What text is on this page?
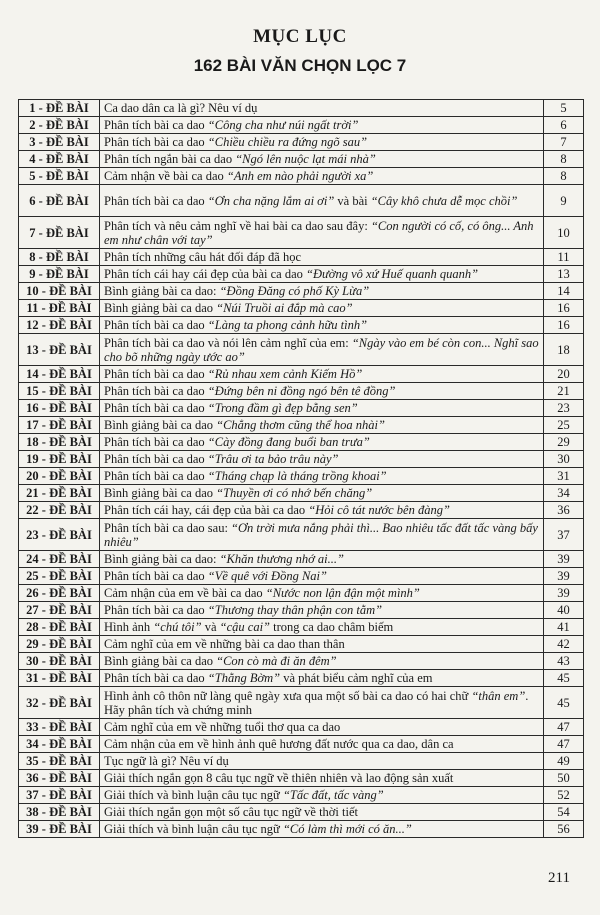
MỤC LỤC
162 BÀI VĂN CHỌN LỌC 7
1 - ĐỀ BÀI	Ca dao dân ca là gì? Nêu ví dụ	5
2 - ĐỀ BÀI	Phân tích bài ca dao “Công cha như núi ngất trời”	6
3 - ĐỀ BÀI	Phân tích bài ca dao “Chiều chiều ra đứng ngõ sau”	7
4 - ĐỀ BÀI	Phân tích ngắn bài ca dao “Ngó lên nuộc lạt mái nhà”	8
5 - ĐỀ BÀI	Cảm nhận về bài ca dao “Anh em nào phải người xa”	8
6 - ĐỀ BÀI	Phân tích bài ca dao “Ơn cha nặng lắm ai ơi” và bài “Cây khô chưa dễ mọc chồi”	9
7 - ĐỀ BÀI	Phân tích và nêu cảm nghĩ về hai bài ca dao sau đây: “Con người có cố, có ông... Anh em như chân với tay”	10
8 - ĐỀ BÀI	Phân tích những câu hát đối đáp đã học	11
9 - ĐỀ BÀI	Phân tích cái hay cái đẹp của bài ca dao “Đường vô xứ Huế quanh quanh”	13
10 - ĐỀ BÀI	Bình giảng bài ca dao: “Đồng Đăng có phố Kỳ Lừa”	14
11 - ĐỀ BÀI	Bình giảng bài ca dao “Núi Truồi ai đắp mà cao”	16
12 - ĐỀ BÀI	Phân tích bài ca dao “Làng ta phong cảnh hữu tình”	16
13 - ĐỀ BÀI	Phân tích bài ca dao và nói lên cảm nghĩ của em: “Ngày vào em bé còn con... Nghĩ sao cho bõ những ngày ước ao”	18
14 - ĐỀ BÀI	Phân tích bài ca dao “Rủ nhau xem cảnh Kiếm Hồ”	20
15 - ĐỀ BÀI	Phân tích bài ca dao “Đứng bên ni đồng ngó bên tê đồng”	21
16 - ĐỀ BÀI	Phân tích bài ca dao “Trong đầm gì đẹp bằng sen”	23
17 - ĐỀ BÀI	Bình giảng bài ca dao “Chẳng thơm cũng thể hoa nhài”	25
18 - ĐỀ BÀI	Phân tích bài ca dao “Cày đồng đang buổi ban trưa”	29
19 - ĐỀ BÀI	Phân tích bài ca dao “Trâu ơi ta bảo trâu này”	30
20 - ĐỀ BÀI	Phân tích bài ca dao “Tháng chạp là tháng trồng khoai”	31
21 - ĐỀ BÀI	Bình giảng bài ca dao “Thuyền ơi có nhớ bến chăng”	34
22 - ĐỀ BÀI	Phân tích cái hay, cái đẹp của bài ca dao “Hỏi cô tát nước bên đàng”	36
23 - ĐỀ BÀI	Phân tích bài ca dao sau: “Ơn trời mưa nắng phải thì... Bao nhiêu tấc đất tấc vàng bấy nhiêu”	37
24 - ĐỀ BÀI	Bình giảng bài ca dao: “Khăn thương nhớ ai...”	39
25 - ĐỀ BÀI	Phân tích bài ca dao “Về quê với Đồng Nai”	39
26 - ĐỀ BÀI	Cảm nhận của em về bài ca dao “Nước non lận đận một mình”	39
27 - ĐỀ BÀI	Phân tích bài ca dao “Thương thay thân phận con tằm”	40
28 - ĐỀ BÀI	Hình ảnh “chú tôi” và “cậu cai” trong ca dao châm biếm	41
29 - ĐỀ BÀI	Cảm nghĩ của em về những bài ca dao than thân	42
30 - ĐỀ BÀI	Bình giảng bài ca dao “Con cò mà đi ăn đêm”	43
31 - ĐỀ BÀI	Phân tích bài ca dao “Thằng Bờm” và phát biểu cảm nghĩ của em	45
32 - ĐỀ BÀI	Hình ảnh cô thôn nữ làng quê ngày xưa qua một số bài ca dao có hai chữ “thân em”. Hãy phân tích và chứng minh	45
33 - ĐỀ BÀI	Cảm nghĩ của em về những tuổi thơ qua ca dao	47
34 - ĐỀ BÀI	Cảm nhận của em về hình ảnh quê hương đất nước qua ca dao, dân ca	47
35 - ĐỀ BÀI	Tục ngữ là gì? Nêu ví dụ	49
36 - ĐỀ BÀI	Giải thích ngắn gọn 8 câu tục ngữ về thiên nhiên và lao động sản xuất	50
37 - ĐỀ BÀI	Giải thích và bình luận câu tục ngữ “Tấc đất, tấc vàng”	52
38 - ĐỀ BÀI	Giải thích ngắn gọn một số câu tục ngữ về thời tiết	54
39 - ĐỀ BÀI	Giải thích và bình luận câu tục ngữ “Có làm thì mới có ăn...”	56
211
